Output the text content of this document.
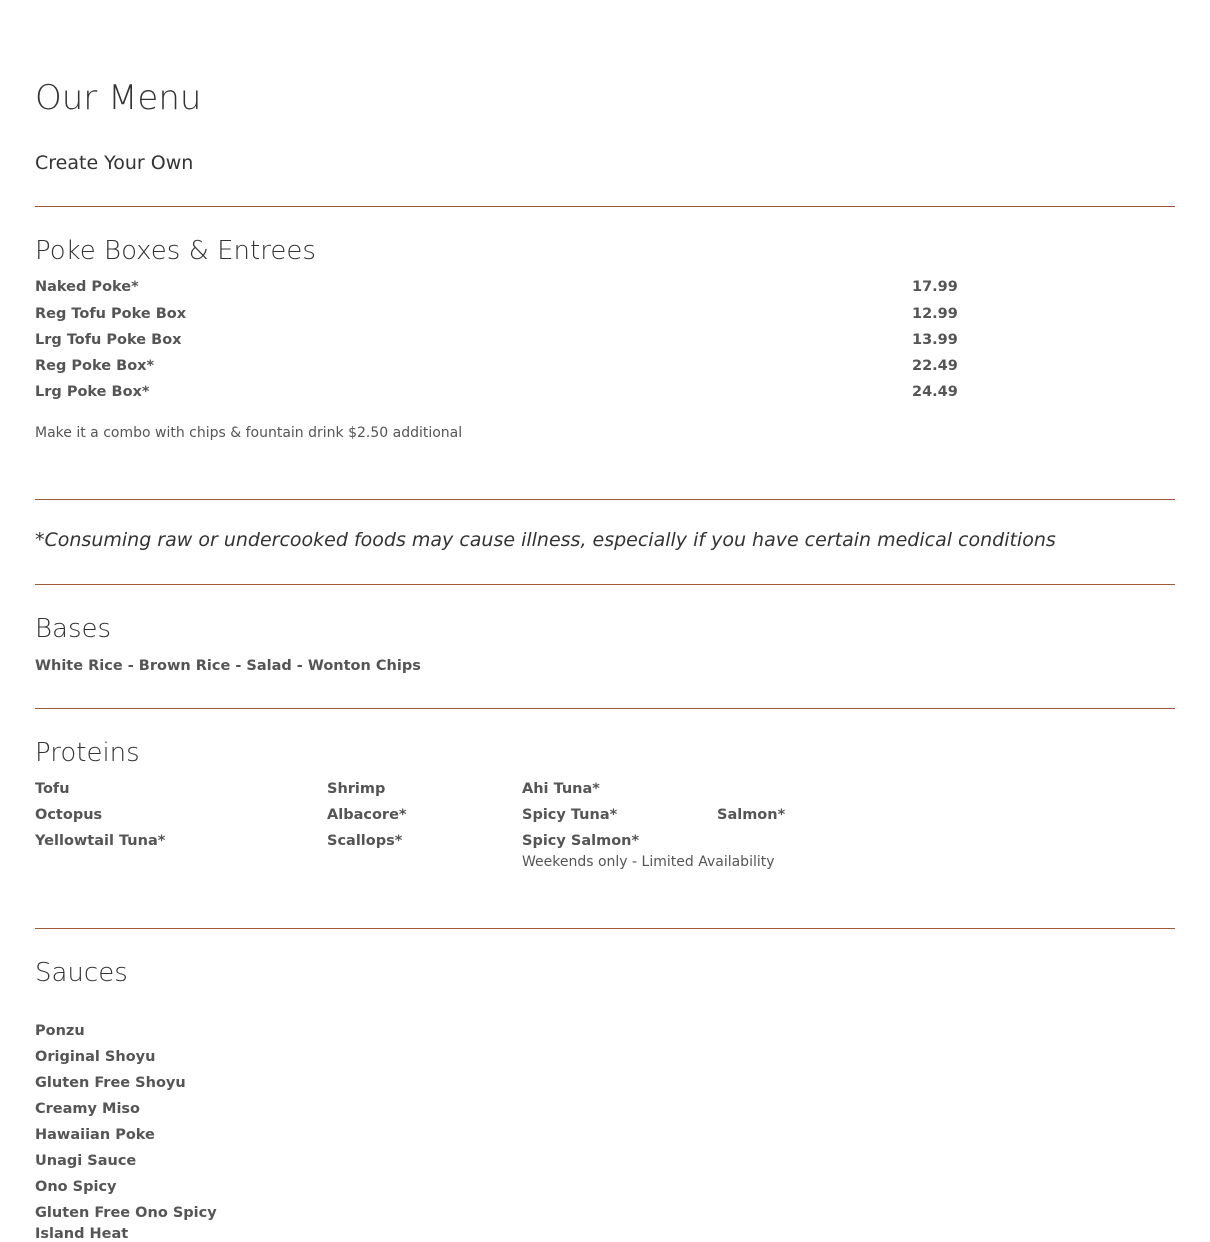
Our Menu
Create Your Own
Poke Boxes & Entrees
Naked Poke*	17.99
Reg Tofu Poke Box	12.99
Lrg Tofu Poke Box	13.99
Reg Poke Box*	22.49
Lrg Poke Box*	24.49
Make it a combo with chips & fountain drink $2.50 additional
*Consuming raw or undercooked foods may cause illness, especially if you have certain medical conditions
Bases
White Rice - Brown Rice - Salad - Wonton Chips
Proteins
Tofu	Shrimp	Ahi Tuna*
Octopus	Albacore*	Spicy Tuna*	Salmon*
Yellowtail Tuna*	Scallops*	Spicy Salmon*
Weekends only - Limited Availability
Sauces
Ponzu
Original Shoyu
Gluten Free Shoyu
Creamy Miso
Hawaiian Poke
Unagi Sauce
Ono Spicy
Gluten Free Ono Spicy
Island Heat
